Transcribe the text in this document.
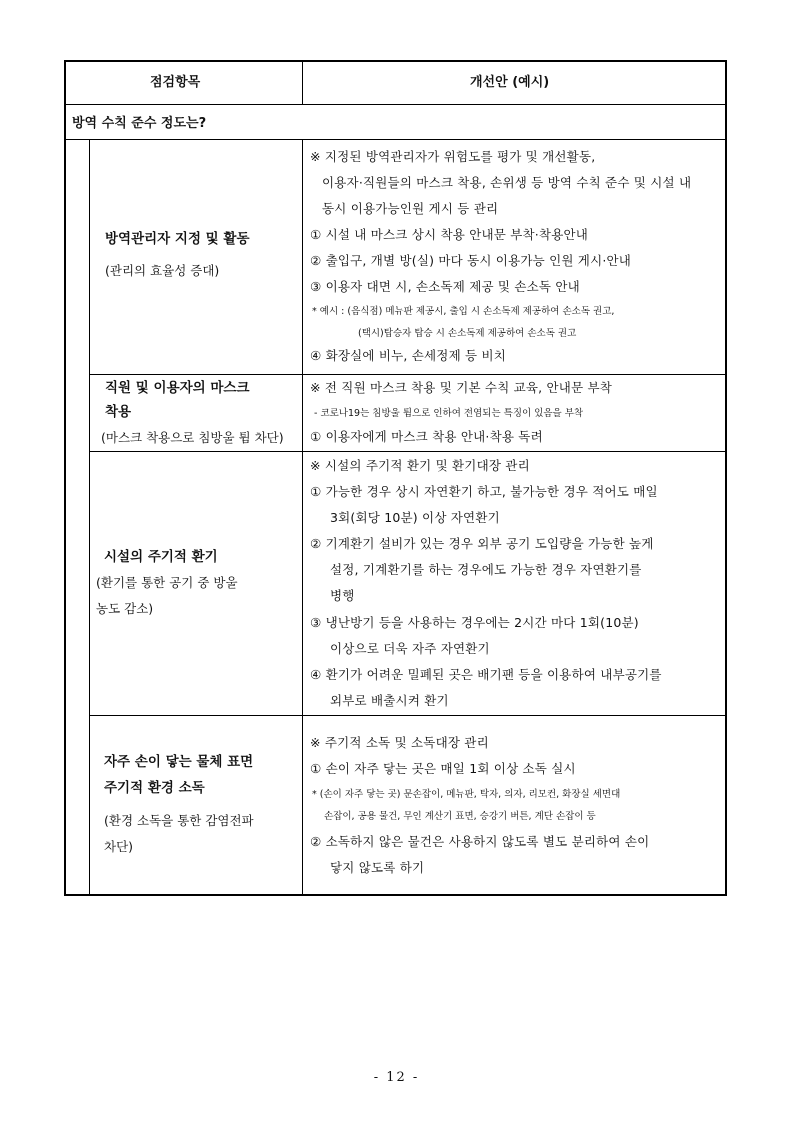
점검항목	개선안 (예시)
방역 수칙 준수 정도는?
방역관리자 지정 및 활동
(관리의 효율성 증대)
※ 지정된 방역관리자가 위험도를 평가 및 개선활동,
이용자·직원들의 마스크 착용, 손위생 등 방역 수칙 준수 및 시설 내
동시 이용가능인원 게시 등 관리
① 시설 내 마스크 상시 착용 안내문 부착·착용안내
② 출입구, 개별 방(실) 마다 동시 이용가능 인원 게시·안내
③ 이용자 대면 시, 손소독제 제공 및 손소독 안내
* 예시 : (음식점) 메뉴판 제공시, 출입 시 손소독제 제공하여 손소독 권고,
(택시)탑승자 탑승 시 손소독제 제공하여 손소독 권고
④ 화장실에 비누, 손세정제 등 비치
직원 및 이용자의 마스크
착용
(마스크 착용으로 침방울 튐 차단)
※ 전 직원 마스크 착용 및 기본 수칙 교육, 안내문 부착
- 코로나19는 침방울 튐으로 인하여 전염되는 특징이 있음을 부착
① 이용자에게 마스크 착용 안내·착용 독려
시설의 주기적 환기
(환기를 통한 공기 중 방울
농도 감소)
※ 시설의 주기적 환기 및 환기대장 관리
① 가능한 경우 상시 자연환기 하고, 불가능한 경우 적어도 매일
3회(회당 10분) 이상 자연환기
② 기계환기 설비가 있는 경우 외부 공기 도입량을 가능한 높게
설정, 기계환기를 하는 경우에도 가능한 경우 자연환기를
병행
③ 냉난방기 등을 사용하는 경우에는 2시간 마다 1회(10분)
이상으로 더욱 자주 자연환기
④ 환기가 어려운 밀폐된 곳은 배기팬 등을 이용하여 내부공기를
외부로 배출시켜 환기
자주 손이 닿는 물체 표면
주기적 환경 소독
(환경 소독을 통한 감염전파
차단)
※ 주기적 소독 및 소독대장 관리
① 손이 자주 닿는 곳은 매일 1회 이상 소독 실시
* (손이 자주 닿는 곳) 문손잡이, 메뉴판, 탁자, 의자, 리모컨, 화장실 세면대
손잡이, 공용 물건, 무인 계산기 표면, 승강기 버튼, 계단 손잡이 등
② 소독하지 않은 물건은 사용하지 않도록 별도 분리하여 손이
닿지 않도록 하기
- 12 -
